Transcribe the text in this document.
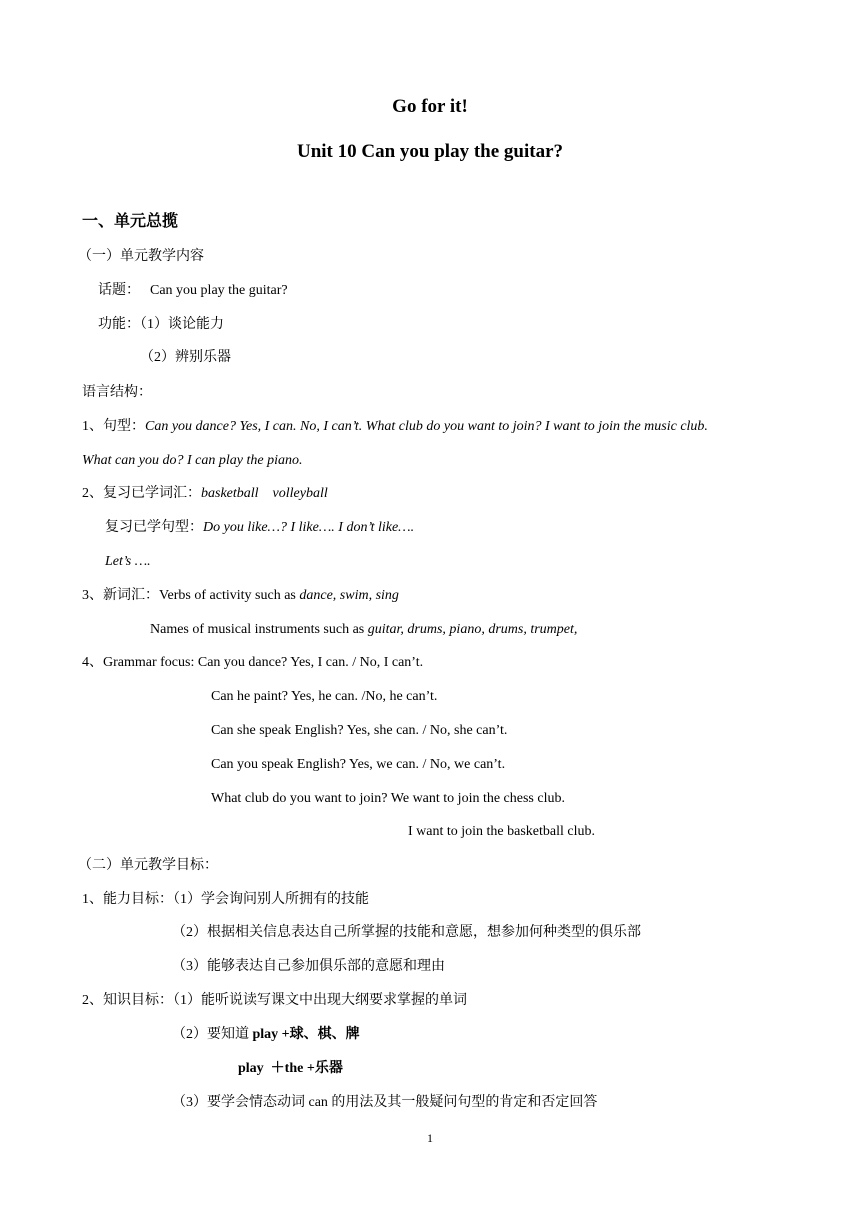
Go for it!
Unit 10 Can you play the guitar?
一、单元总揽
（一）单元教学内容
话题： Can you play the guitar?
功能：（1）谈论能力
（2）辨别乐器
语言结构：
1、句型：Can you dance? Yes, I can. No, I can’t. What club do you want to join? I want to join the music club.
What can you do? I can play the piano.
2、复习已学词汇：basketball    volleyball
复习已学句型：Do you like…? I like…. I don’t like….
Let’s ….
3、新词汇：Verbs of activity such as dance, swim, sing
Names of musical instruments such as guitar, drums, piano, drums, trumpet,
4、Grammar focus: Can you dance? Yes, I can. / No, I can’t.
Can he paint? Yes, he can. /No, he can’t.
Can she speak English? Yes, she can. / No, she can’t.
Can you speak English? Yes, we can. / No, we can’t.
What club do you want to join? We want to join the chess club.
I want to join the basketball club.
（二）单元教学目标：
1、能力目标：（1）学会询问别人所拥有的技能
（2）根据相关信息表达自己所掌握的技能和意愿，想参加何种类型的俱乐部
（3）能够表达自己参加俱乐部的意愿和理由
2、知识目标：（1）能听说读写课文中出现大纲要求掌握的单词
（2）要知道 play +球、棋、牌
play  ＋the +乐器
（3）要学会情态动词 can 的用法及其一般疑问句型的肯定和否定回答
1
